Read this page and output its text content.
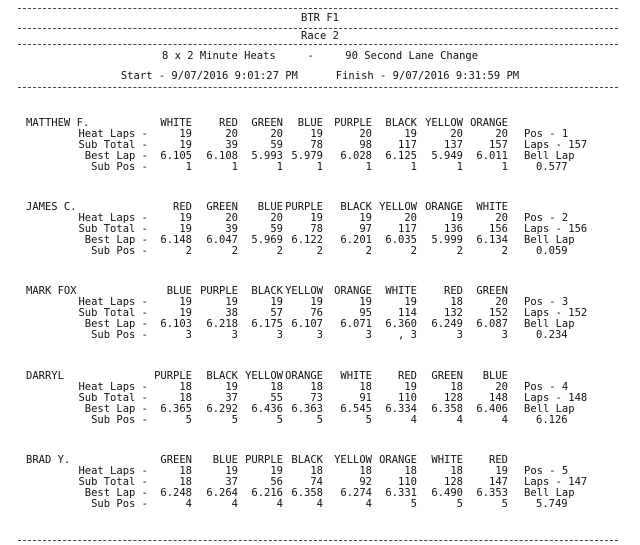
BTR F1
Race 2
8 x 2 Minute Heats     -     90 Second Lane Change
Start - 9/07/2016 9:01:27 PM      Finish - 9/07/2016 9:31:59 PM
MATTHEW F.	WHITE	RED GREEN BLUE PURPLE BLACK YELLOW ORANGE
Heat Laps -	19	20	20	19	20	19	20	20 Pos - 1
Sub Total -	19	39	59	78	98 117	137 157 Laps - 157
Best Lap - 6.105 6.108 5.993 5.979 6.028 6.125 5.949 6.011 Bell Lap
Sub Pos -	1	1	1	1	1	1	1	1	0.577
JAMES C.	RED GREEN BLUE PURPLE BLACK YELLOW ORANGE WHITE
Heat Laps -	19	20	20	19	19	20	19	20 Pos - 2
Sub Total -	19	39	59	78	97 117	136 156 Laps - 156
Best Lap - 6.148 6.047 5.969 6.122 6.201 6.035 5.999 6.134 Bell Lap
Sub Pos -	2	2	2	2	2	2	2	2	0.059
MARK FOX	BLUE PURPLE BLACK YELLOW ORANGE WHITE	RED GREEN
Heat Laps -	19	19	19	19	19	19	18	20 Pos - 3
Sub Total -	19	38	57	76	95 114	132 152 Laps - 152
Best Lap - 6.103 6.218 6.175 6.107 6.071 6.360 6.249 6.087 Bell Lap
Sub Pos -	3	3	3	3	3 , 3	3	3	0.234
DARRYL	PURPLE BLACK YELLOW ORANGE WHITE RED GREEN BLUE
Heat Laps -	18	19	18	18	18	19	18	20 Pos - 4
Sub Total -	18	37	55	73	91 110	128 148 Laps - 148
Best Lap - 6.365 6.292 6.436 6.363 6.545 6.334 6.358 6.406 Bell Lap
Sub Pos -	5	5	5	5	5	4	4	4	6.126
BRAD Y.	GREEN BLUE PURPLE BLACK YELLOW ORANGE WHITE RED
Heat Laps -	18	19	19	18	18	18	18	19 Pos - 5
Sub Total -	18	37	56	74	92 110	128 147 Laps - 147
Best Lap - 6.248 6.264 6.216 6.358 6.274 6.331 6.490 6.353 Bell Lap
Sub Pos -	4	4	4	4	4	5	5	5	5.749
